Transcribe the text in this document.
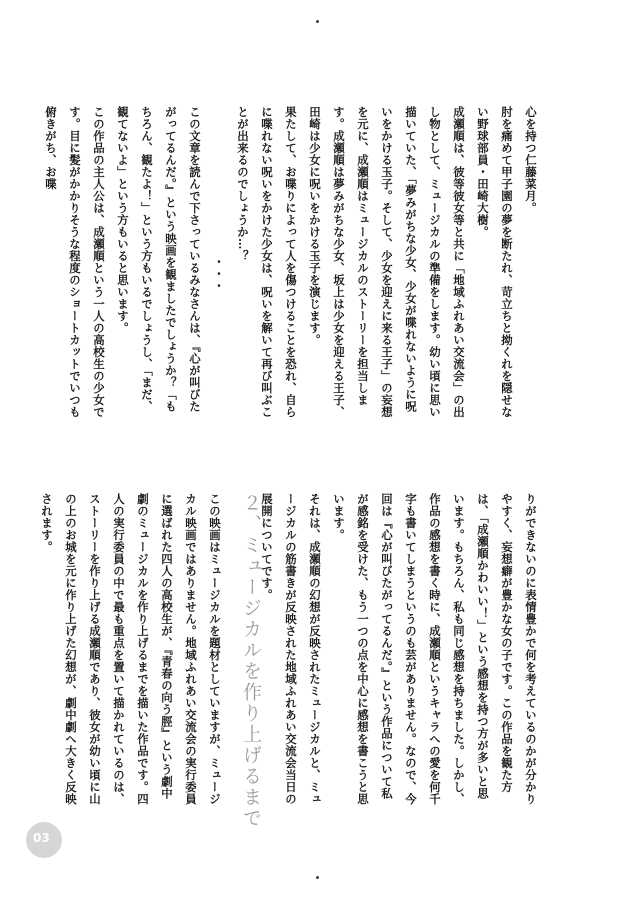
心を持つ仁藤菜月。

肘を痛めて甲子園の夢を断たれ、苛立ちと拗くれを隠せない野球部員・田崎大樹。

成瀬順は、彼等彼女等と共に「地域ふれあい交流会」の出し物として、ミュージカルの準備をします。幼い頃に思い描いていた、「夢みがちな少女、少女が喋れないように呪いをかける玉子。そして、少女を迎えに来る王子」の妄想を元に、成瀬順はミュージカルのストーリーを担当します。成瀬順は夢みがちな少女、坂上は少女を迎える王子、田崎は少女に呪いをかける玉子を演じます。

果たして、お喋りによって人を傷つけることを恐れ、自らに喋れない呪いをかけた少女は、呪いを解いて再び叫ぶことが出来るのでしょうか…？

・・・

この文章を読んで下さっているみなさんは、『心が叫びたがってるんだ。』という映画を観ましたでしょうか？「もちろん、観たよ！」という方もいるでしょうし、「まだ、観てないよ」という方もいると思います。

この作品の主人公は、成瀬順という一人の高校生の少女です。目に髪がかかりそうな程度のショートカットでいつも俯きがち、お喋

りができないのに表情豊かで何を考えているのかが分かりやすく、妄想癖が豊かな女の子です。この作品を観た方は、「成瀬順かわいい！」という感想を持つ方が多いと思います。もちろん、私も同じ感想を持ちました。しかし、作品の感想を書く時に、成瀬順というキャラへの愛を何千字も書いてしまうというのも芸がありません。なので、今回は『心が叫びたがってるんだ。』という作品について私が感銘を受けた、もう一つの点を中心に感想を書こうと思います。

それは、成瀬順の幻想が反映されたミュージカルと、ミュージカルの筋書きが反映された地域ふれあい交流会当日の展開についてです。

２、ミュージカルを作り上げるまで

この映画はミュージカルを題材としていますが、ミュージカル映画ではありません。地域ふれあい交流会の実行委員に選ばれた四人の高校生が、『青春の向う脛』という劇中劇のミュージカルを作り上げるまでを描いた作品です。四人の実行委員の中で最も重点を置いて描かれているのは、ストーリーを作り上げる成瀬順であり、彼女が幼い頃に山の上のお城を元に作り上げた幻想が、劇中劇へ大きく反映されます。

03
